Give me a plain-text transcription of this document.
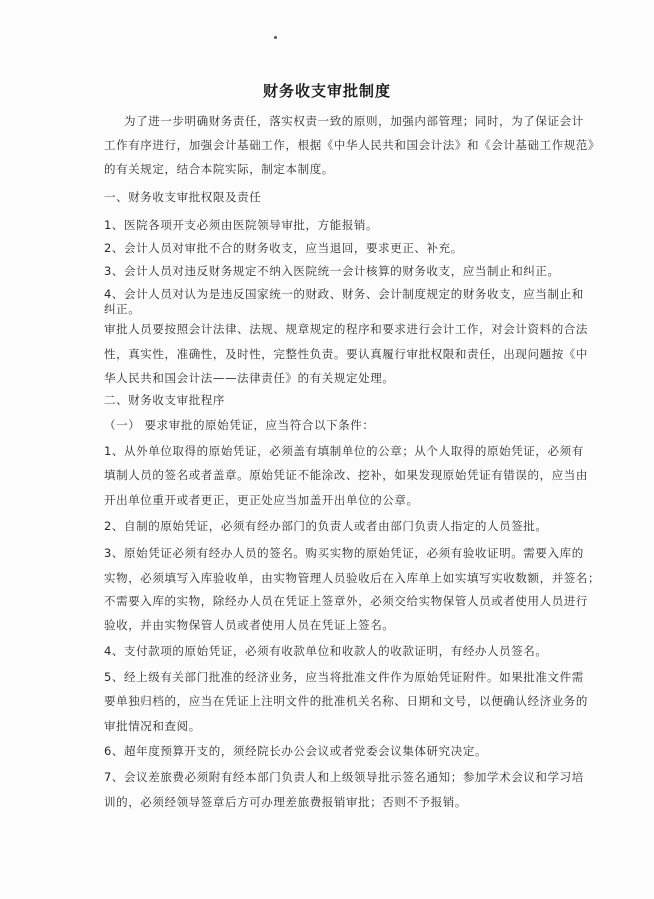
财务收支审批制度
为了进一步明确财务责任，落实权责一致的原则，加强内部管理；同时，为了保证会计
工作有序进行，加强会计基础工作，根据《中华人民共和国会计法》和《会计基础工作规范》
的有关规定，结合本院实际，制定本制度。
一、财务收支审批权限及责任
1、医院各项开支必须由医院领导审批，方能报销。
2、会计人员对审批不合的财务收支，应当退回，要求更正、补充。
3、会计人员对违反财务规定不纳入医院统一会计核算的财务收支，应当制止和纠正。
4、会计人员对认为是违反国家统一的财政、财务、会计制度规定的财务收支，应当制止和
纠正。
审批人员要按照会计法律、法规、规章规定的程序和要求进行会计工作，对会计资料的合法
性，真实性，准确性，及时性，完整性负责。要认真履行审批权限和责任，出现问题按《中
华人民共和国会计法——法律责任》的有关规定处理。
二、财务收支审批程序
（一） 要求审批的原始凭证，应当符合以下条件：
1、从外单位取得的原始凭证，必须盖有填制单位的公章；从个人取得的原始凭证，必须有
填制人员的签名或者盖章。原始凭证不能涂改、挖补，如果发现原始凭证有错误的，应当由
开出单位重开或者更正，更正处应当加盖开出单位的公章。
2、自制的原始凭证，必须有经办部门的负责人或者由部门负责人指定的人员签批。
3、原始凭证必须有经办人员的签名。购买实物的原始凭证，必须有验收证明。需要入库的
实物，必须填写入库验收单，由实物管理人员验收后在入库单上如实填写实收数额，并签名；
不需要入库的实物，除经办人员在凭证上签章外，必须交给实物保管人员或者使用人员进行
验收，并由实物保管人员或者使用人员在凭证上签名。
4、支付款项的原始凭证，必须有收款单位和收款人的收款证明，有经办人员签名。
5、经上级有关部门批准的经济业务，应当将批准文件作为原始凭证附件。如果批准文件需
要单独归档的，应当在凭证上注明文件的批准机关名称、日期和文号，以便确认经济业务的
审批情况和查阅。
6、超年度预算开支的，须经院长办公会议或者党委会议集体研究决定。
7、会议差旅费必须附有经本部门负责人和上级领导批示签名通知；参加学术会议和学习培
训的，必须经领导签章后方可办理差旅费报销审批；否则不予报销。
